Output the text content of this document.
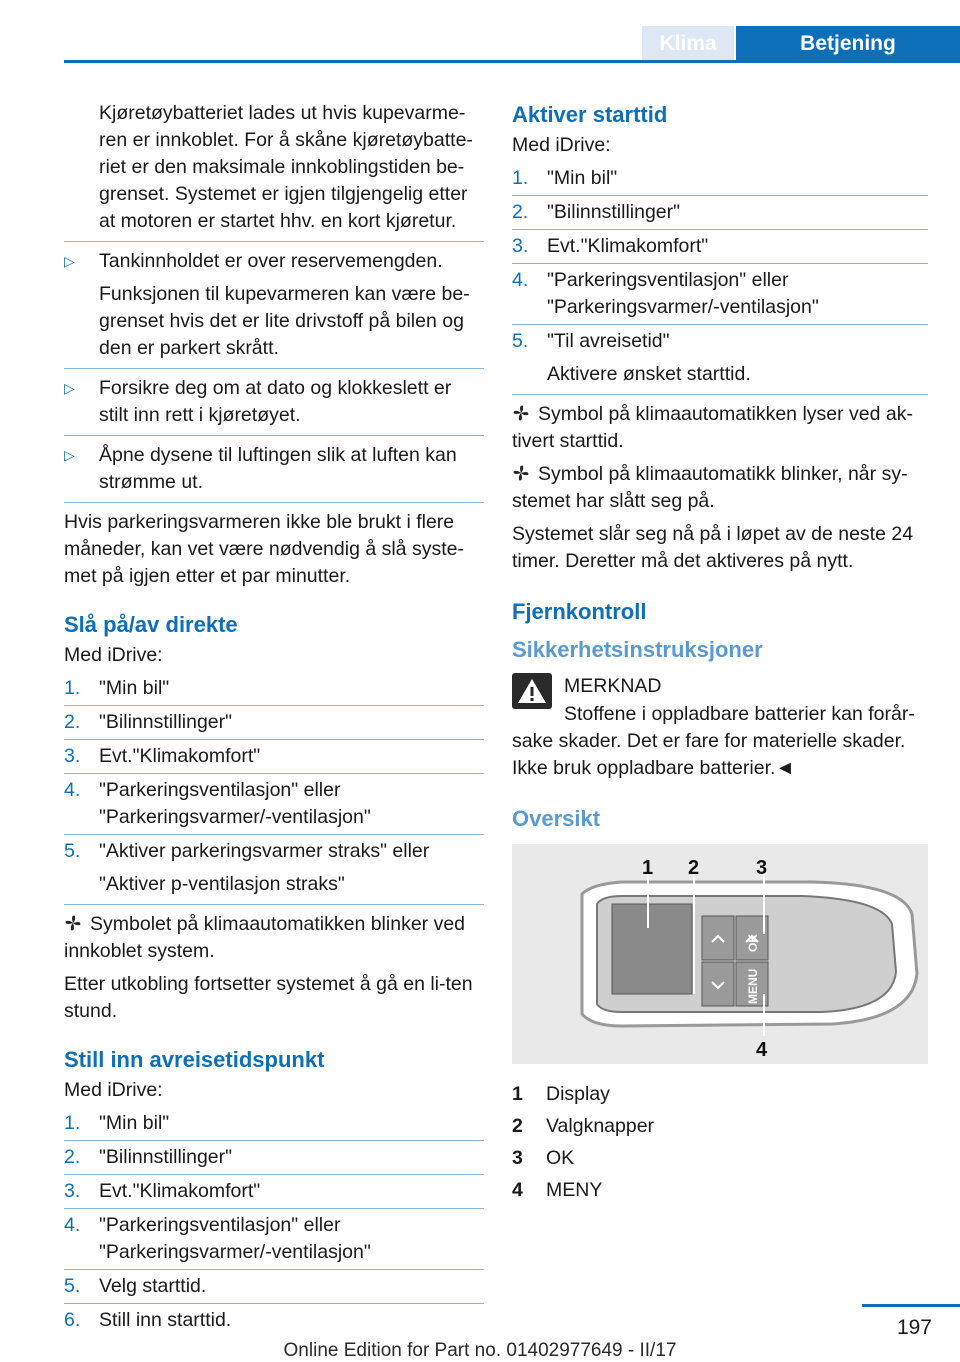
Klima	Betjening

Kjøretøybatteriet lades ut hvis kupevarme-ren er innkoblet. For å skåne kjøretøybatte-riet er den maksimale innkoblingstiden be-grenset. Systemet er igjen tilgjengelig etter at motoren er startet hhv. en kort kjøretur.

▷	Tankinnholdet er over reservemengden.
Funksjonen til kupevarmeren kan være be-grenset hvis det er lite drivstoff på bilen og den er parkert skrått.
▷	Forsikre deg om at dato og klokkeslett er stilt inn rett i kjøretøyet.
▷	Åpne dysene til luftingen slik at luften kan strømme ut.

Hvis parkeringsvarmeren ikke ble brukt i flere måneder, kan vet være nødvendig å slå syste-met på igjen etter et par minutter.

Slå på/av direkte

Med iDrive:

1. "Min bil"
2. "Bilinnstillinger"
3. Evt."Klimakomfort"
4. "Parkeringsventilasjon" eller "Parkeringsvarmer/-ventilasjon"
5. "Aktiver parkeringsvarmer straks" eller
"Aktiver p-ventilasjon straks"

Symbolet på klimaautomatikken blinker ved innkoblet system.

Etter utkobling fortsetter systemet å gå en li-ten stund.

Still inn avreisetidspunkt

Med iDrive:

1. "Min bil"
2. "Bilinnstillinger"
3. Evt."Klimakomfort"
4. "Parkeringsventilasjon" eller "Parkeringsvarmer/-ventilasjon"
5. Velg starttid.
6. Still inn starttid.
Aktiver starttid

Med iDrive:

1. "Min bil"
2. "Bilinnstillinger"
3. Evt."Klimakomfort"
4. "Parkeringsventilasjon" eller "Parkeringsvarmer/-ventilasjon"
5. "Til avreisetid"
Aktivere ønsket starttid.

Symbol på klimaautomatikken lyser ved ak-tivert starttid.

Symbol på klimaautomatikk blinker, når sy-stemet har slått seg på.

Systemet slår seg nå på i løpet av de neste 24 timer. Deretter må det aktiveres på nytt.

Fjernkontroll
Sikkerhetsinstruksjoner
MERKNAD

Stoffene i oppladbare batterier kan forår-sake skader. Det er fare for materielle skader. Ikke bruk oppladbare batterier.◄

Oversikt
1 2	3
4
OK
MENU
1	Display
2	Valgknapper
3	OK
4	MENY
197
Online Edition for Part no. 01402977649 - II/17
